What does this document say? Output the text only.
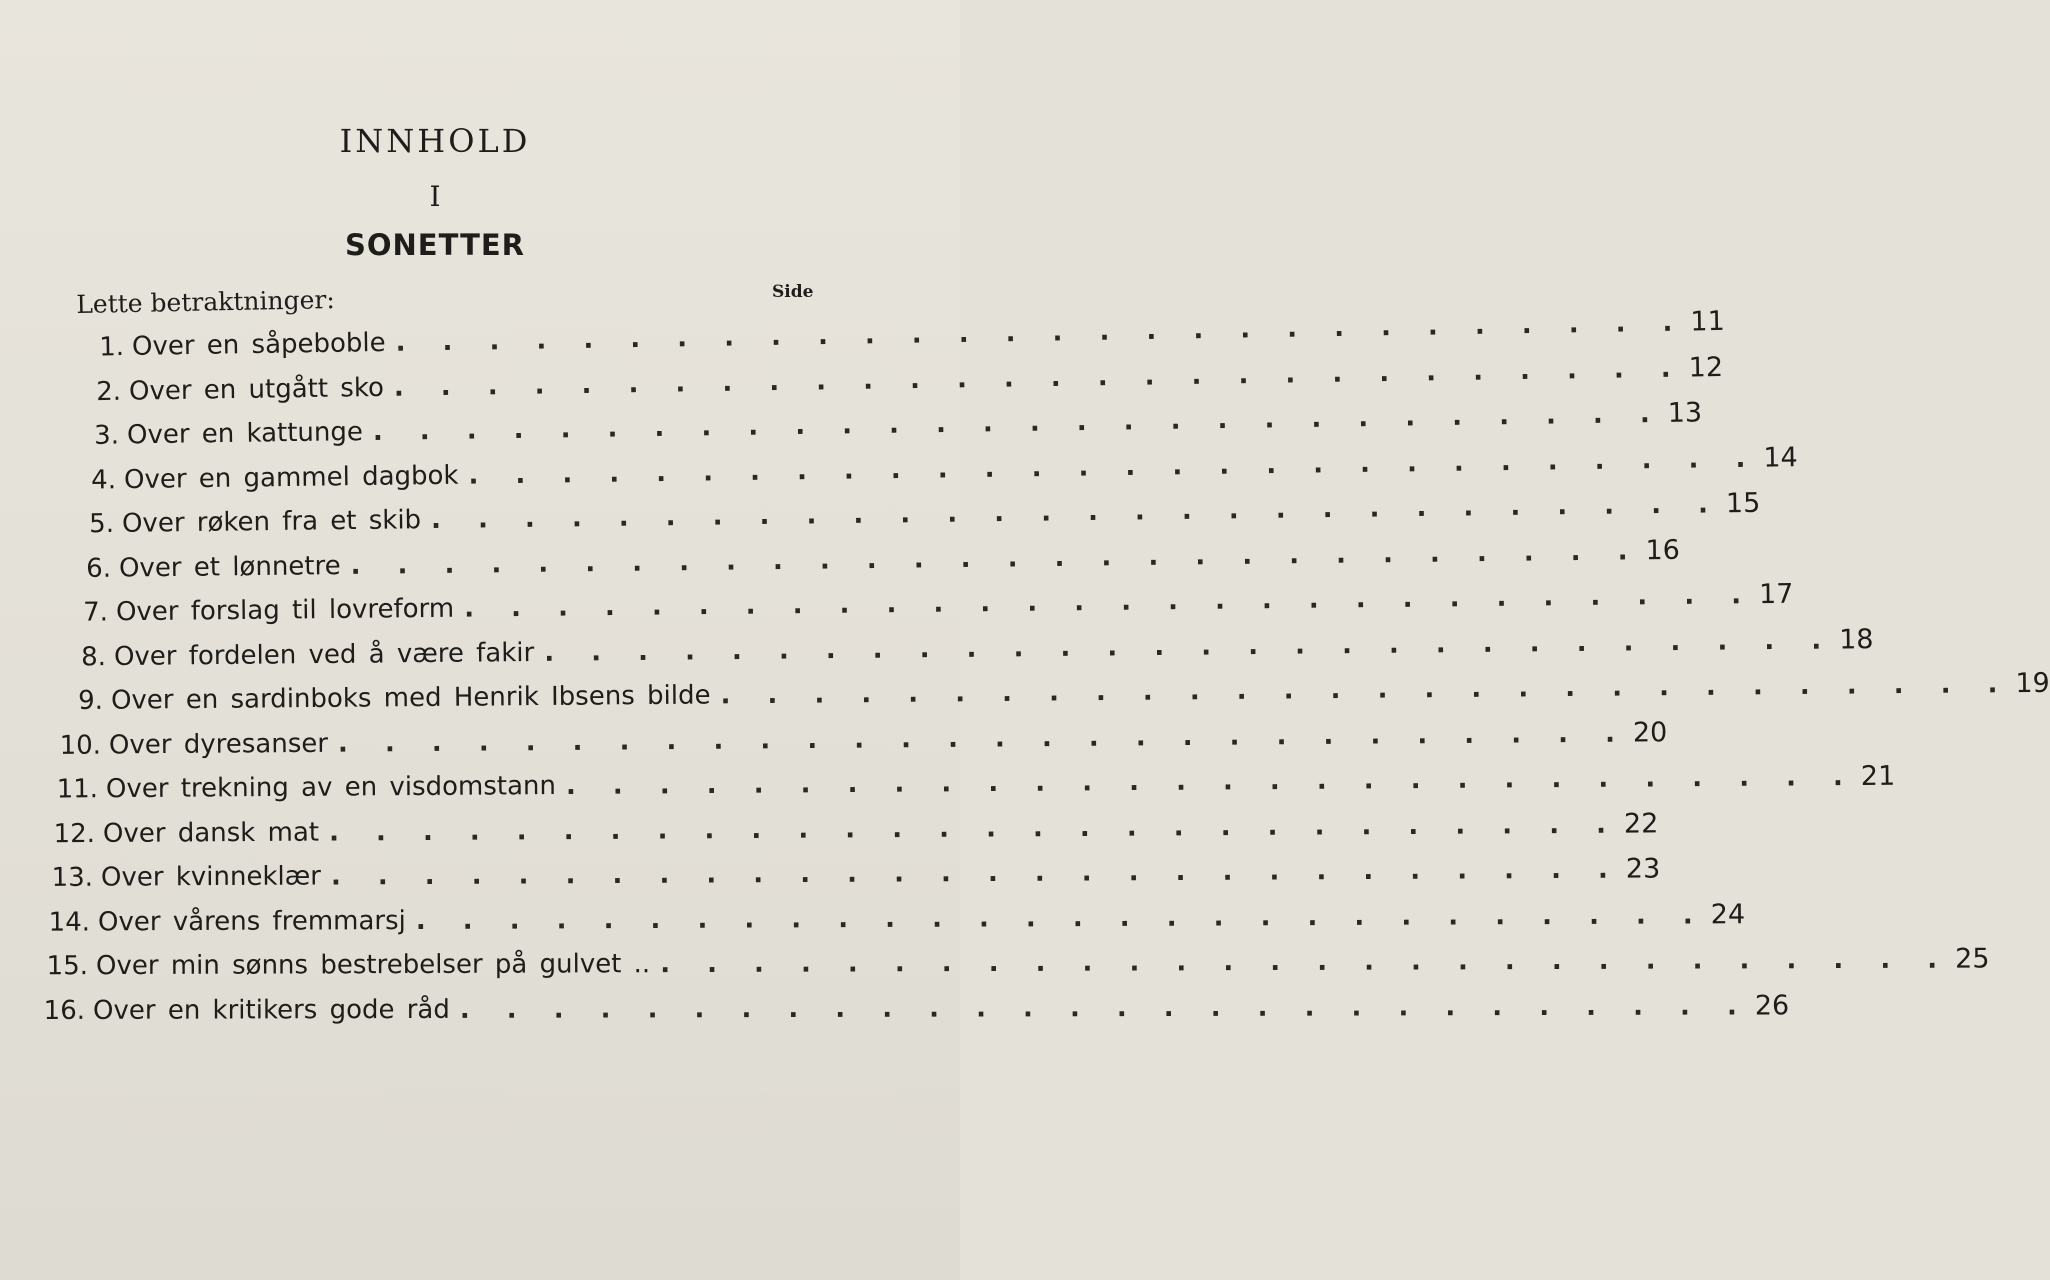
INNHOLD
I
SONETTER
Side
Lette betraktninger:
1. Over en såpeboble . . . . . . . . . . . . . . . . . . . . . . . . . . . . 11
2. Over en utgått sko . . . . . . . . . . . . . . . . . . . . . . . . . . . . 12
3. Over en kattunge . . . . . . . . . . . . . . . . . . . . . . . . . . . . 13
4. Over en gammel dagbok . . . . . . . . . . . . . . . . . . . . . . . . . . . . 14
5. Over røken fra et skib . . . . . . . . . . . . . . . . . . . . . . . . . . . . 15
6. Over et lønnetre . . . . . . . . . . . . . . . . . . . . . . . . . . . . 16
7. Over forslag til lovreform . . . . . . . . . . . . . . . . . . . . . . . . . . . . 17
8. Over fordelen ved å være fakir . . . . . . . . . . . . . . . . . . . . . . . . . . . . 18
9. Over en sardinboks med Henrik Ibsens bilde . . . . . . . . . . . . . . . . . . . . . . . . . . . . 19
10. Over dyresanser . . . . . . . . . . . . . . . . . . . . . . . . . . . . 20
11. Over trekning av en visdomstann . . . . . . . . . . . . . . . . . . . . . . . . . . . . 21
12. Over dansk mat . . . . . . . . . . . . . . . . . . . . . . . . . . . . 22
13. Over kvinneklær . . . . . . . . . . . . . . . . . . . . . . . . . . . . 23
14. Over vårens fremmarsj . . . . . . . . . . . . . . . . . . . . . . . . . . . . 24
15. Over min sønns bestrebelser på gulvet .. . . . . . . . . . . . . . . . . . . . . . . . . . . . . 25
16. Over en kritikers gode råd . . . . . . . . . . . . . . . . . . . . . . . . . . . . 26
